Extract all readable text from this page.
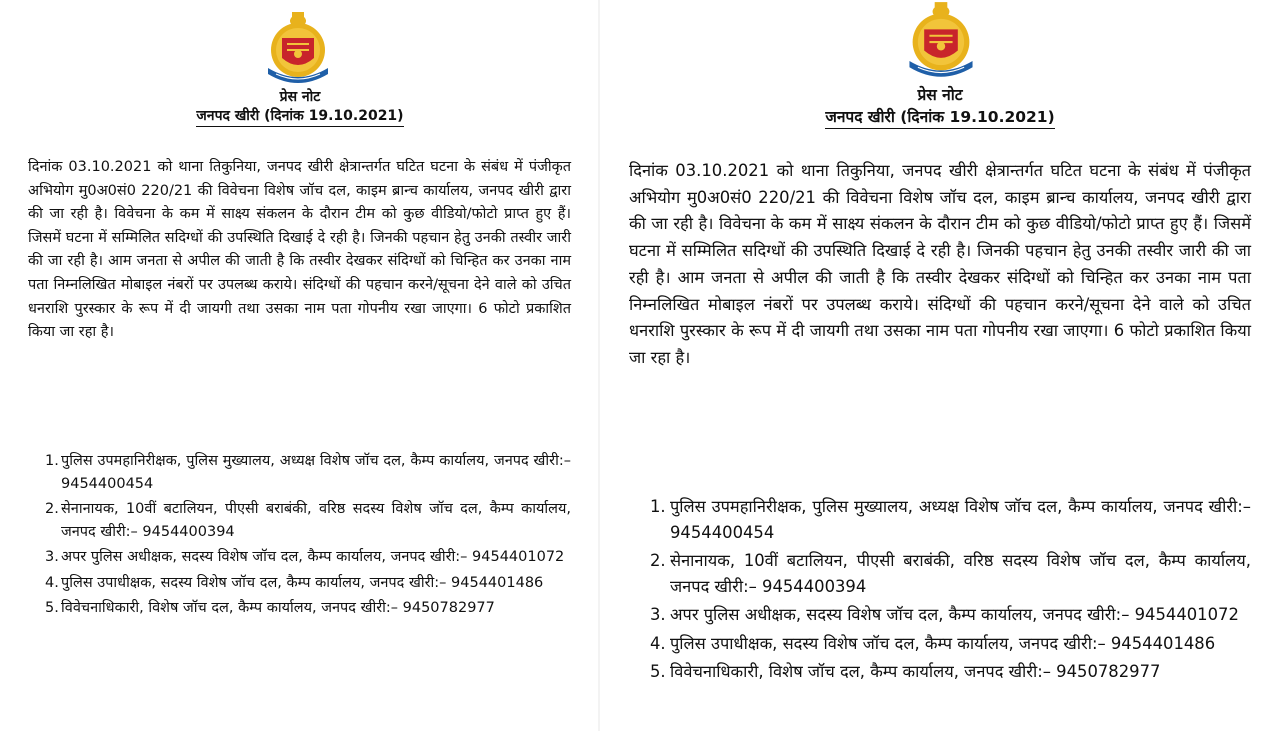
प्रेस नोट
जनपद खीरी (दिनांक 19.10.2021)
दिनांक 03.10.2021 को थाना तिकुनिया, जनपद खीरी क्षेत्रान्तर्गत घटित घटना के संबंध में पंजीकृत अभियोग मु0अ0सं0 220/21 की विवेचना विशेष जॉच दल, काइम ब्रान्च कार्यालय, जनपद खीरी द्वारा की जा रही है। विवेचना के कम में साक्ष्य संकलन के दौरान टीम को कुछ वीडियो/फोटो प्राप्त हुए हैं। जिसमें घटना में सम्मिलित सदिग्धों की उपस्थिति दिखाई दे रही है। जिनकी पहचान हेतु उनकी तस्वीर जारी की जा रही है। आम जनता से अपील की जाती है कि तस्वीर देखकर संदिग्धों को चिन्हित कर उनका नाम पता निम्नलिखित मोबाइल नंबरों पर उपलब्ध कराये। संदिग्धों की पहचान करने/सूचना देने वाले को उचित धनराशि पुरस्कार के रूप में दी जायगी तथा उसका नाम पता गोपनीय रखा जाएगा। 6 फोटो प्रकाशित किया जा रहा है।
1. पुलिस उपमहानिरीक्षक, पुलिस मुख्यालय, अध्यक्ष विशेष जॉच दल, कैम्प कार्यालय, जनपद खीरी:– 9454400454
2. सेनानायक, 10वीं बटालियन, पीएसी बराबंकी, वरिष्ठ सदस्य विशेष जॉच दल, कैम्प कार्यालय, जनपद खीरी:– 9454400394
3. अपर पुलिस अधीक्षक, सदस्य विशेष जॉच दल, कैम्प कार्यालय, जनपद खीरी:– 9454401072
4. पुलिस उपाधीक्षक, सदस्य विशेष जॉच दल, कैम्प कार्यालय, जनपद खीरी:– 9454401486
5. विवेचनाधिकारी, विशेष जॉच दल, कैम्प कार्यालय, जनपद खीरी:– 9450782977
प्रेस नोट
जनपद खीरी (दिनांक 19.10.2021)
दिनांक 03.10.2021 को थाना तिकुनिया, जनपद खीरी क्षेत्रान्तर्गत घटित घटना के संबंध में पंजीकृत अभियोग मु0अ0सं0 220/21 की विवेचना विशेष जॉच दल, काइम ब्रान्च कार्यालय, जनपद खीरी द्वारा की जा रही है। विवेचना के कम में साक्ष्य संकलन के दौरान टीम को कुछ वीडियो/फोटो प्राप्त हुए हैं। जिसमें घटना में सम्मिलित सदिग्धों की उपस्थिति दिखाई दे रही है। जिनकी पहचान हेतु उनकी तस्वीर जारी की जा रही है। आम जनता से अपील की जाती है कि तस्वीर देखकर संदिग्धों को चिन्हित कर उनका नाम पता निम्नलिखित मोबाइल नंबरों पर उपलब्ध कराये। संदिग्धों की पहचान करने/सूचना देने वाले को उचित धनराशि पुरस्कार के रूप में दी जायगी तथा उसका नाम पता गोपनीय रखा जाएगा। 6 फोटो प्रकाशित किया जा रहा है।
1. पुलिस उपमहानिरीक्षक, पुलिस मुख्यालय, अध्यक्ष विशेष जॉच दल, कैम्प कार्यालय, जनपद खीरी:– 9454400454
2. सेनानायक, 10वीं बटालियन, पीएसी बराबंकी, वरिष्ठ सदस्य विशेष जॉच दल, कैम्प कार्यालय, जनपद खीरी:– 9454400394
3. अपर पुलिस अधीक्षक, सदस्य विशेष जॉच दल, कैम्प कार्यालय, जनपद खीरी:– 9454401072
4. पुलिस उपाधीक्षक, सदस्य विशेष जॉच दल, कैम्प कार्यालय, जनपद खीरी:– 9454401486
5. विवेचनाधिकारी, विशेष जॉच दल, कैम्प कार्यालय, जनपद खीरी:– 9450782977
